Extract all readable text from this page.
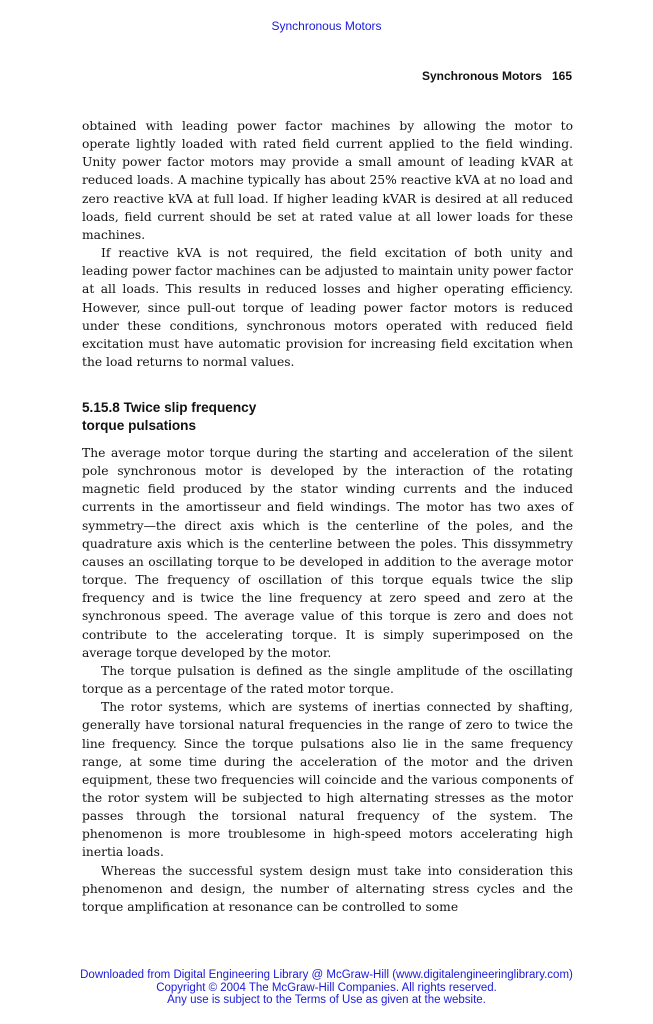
Synchronous Motors
Synchronous Motors 165

obtained with leading power factor machines by allowing the motor to operate lightly loaded with rated field current applied to the field winding. Unity power factor motors may provide a small amount of leading kVAR at reduced loads. A machine typically has about 25% reactive kVA at no load and zero reactive kVA at full load. If higher leading kVAR is desired at all reduced loads, field current should be set at rated value at all lower loads for these machines.

If reactive kVA is not required, the field excitation of both unity and leading power factor machines can be adjusted to maintain unity power factor at all loads. This results in reduced losses and higher operating efficiency. However, since pull-out torque of leading power factor motors is reduced under these conditions, synchronous motors operated with reduced field excitation must have automatic provision for increasing field excitation when the load returns to normal values.

5.15.8 Twice slip frequency
torque pulsations

The average motor torque during the starting and acceleration of the silent pole synchronous motor is developed by the interaction of the rotating magnetic field produced by the stator winding currents and the induced currents in the amortisseur and field windings. The motor has two axes of symmetry—the direct axis which is the centerline of the poles, and the quadrature axis which is the centerline between the poles. This dissymmetry causes an oscillating torque to be developed in addition to the average motor torque. The frequency of oscillation of this torque equals twice the slip frequency and is twice the line frequency at zero speed and zero at the synchronous speed. The average value of this torque is zero and does not contribute to the accelerating torque. It is simply superimposed on the average torque developed by the motor.

The torque pulsation is defined as the single amplitude of the oscillating torque as a percentage of the rated motor torque.

The rotor systems, which are systems of inertias connected by shafting, generally have torsional natural frequencies in the range of zero to twice the line frequency. Since the torque pulsations also lie in the same frequency range, at some time during the acceleration of the motor and the driven equipment, these two frequencies will coincide and the various components of the rotor system will be subjected to high alternating stresses as the motor passes through the torsional natural frequency of the system. The phenomenon is more troublesome in high-speed motors accelerating high inertia loads.

Whereas the successful system design must take into consideration this phenomenon and design, the number of alternating stress cycles and the torque amplification at resonance can be controlled to some

Downloaded from Digital Engineering Library @ McGraw-Hill (www.digitalengineeringlibrary.com)
Copyright © 2004 The McGraw-Hill Companies. All rights reserved.
Any use is subject to the Terms of Use as given at the website.
